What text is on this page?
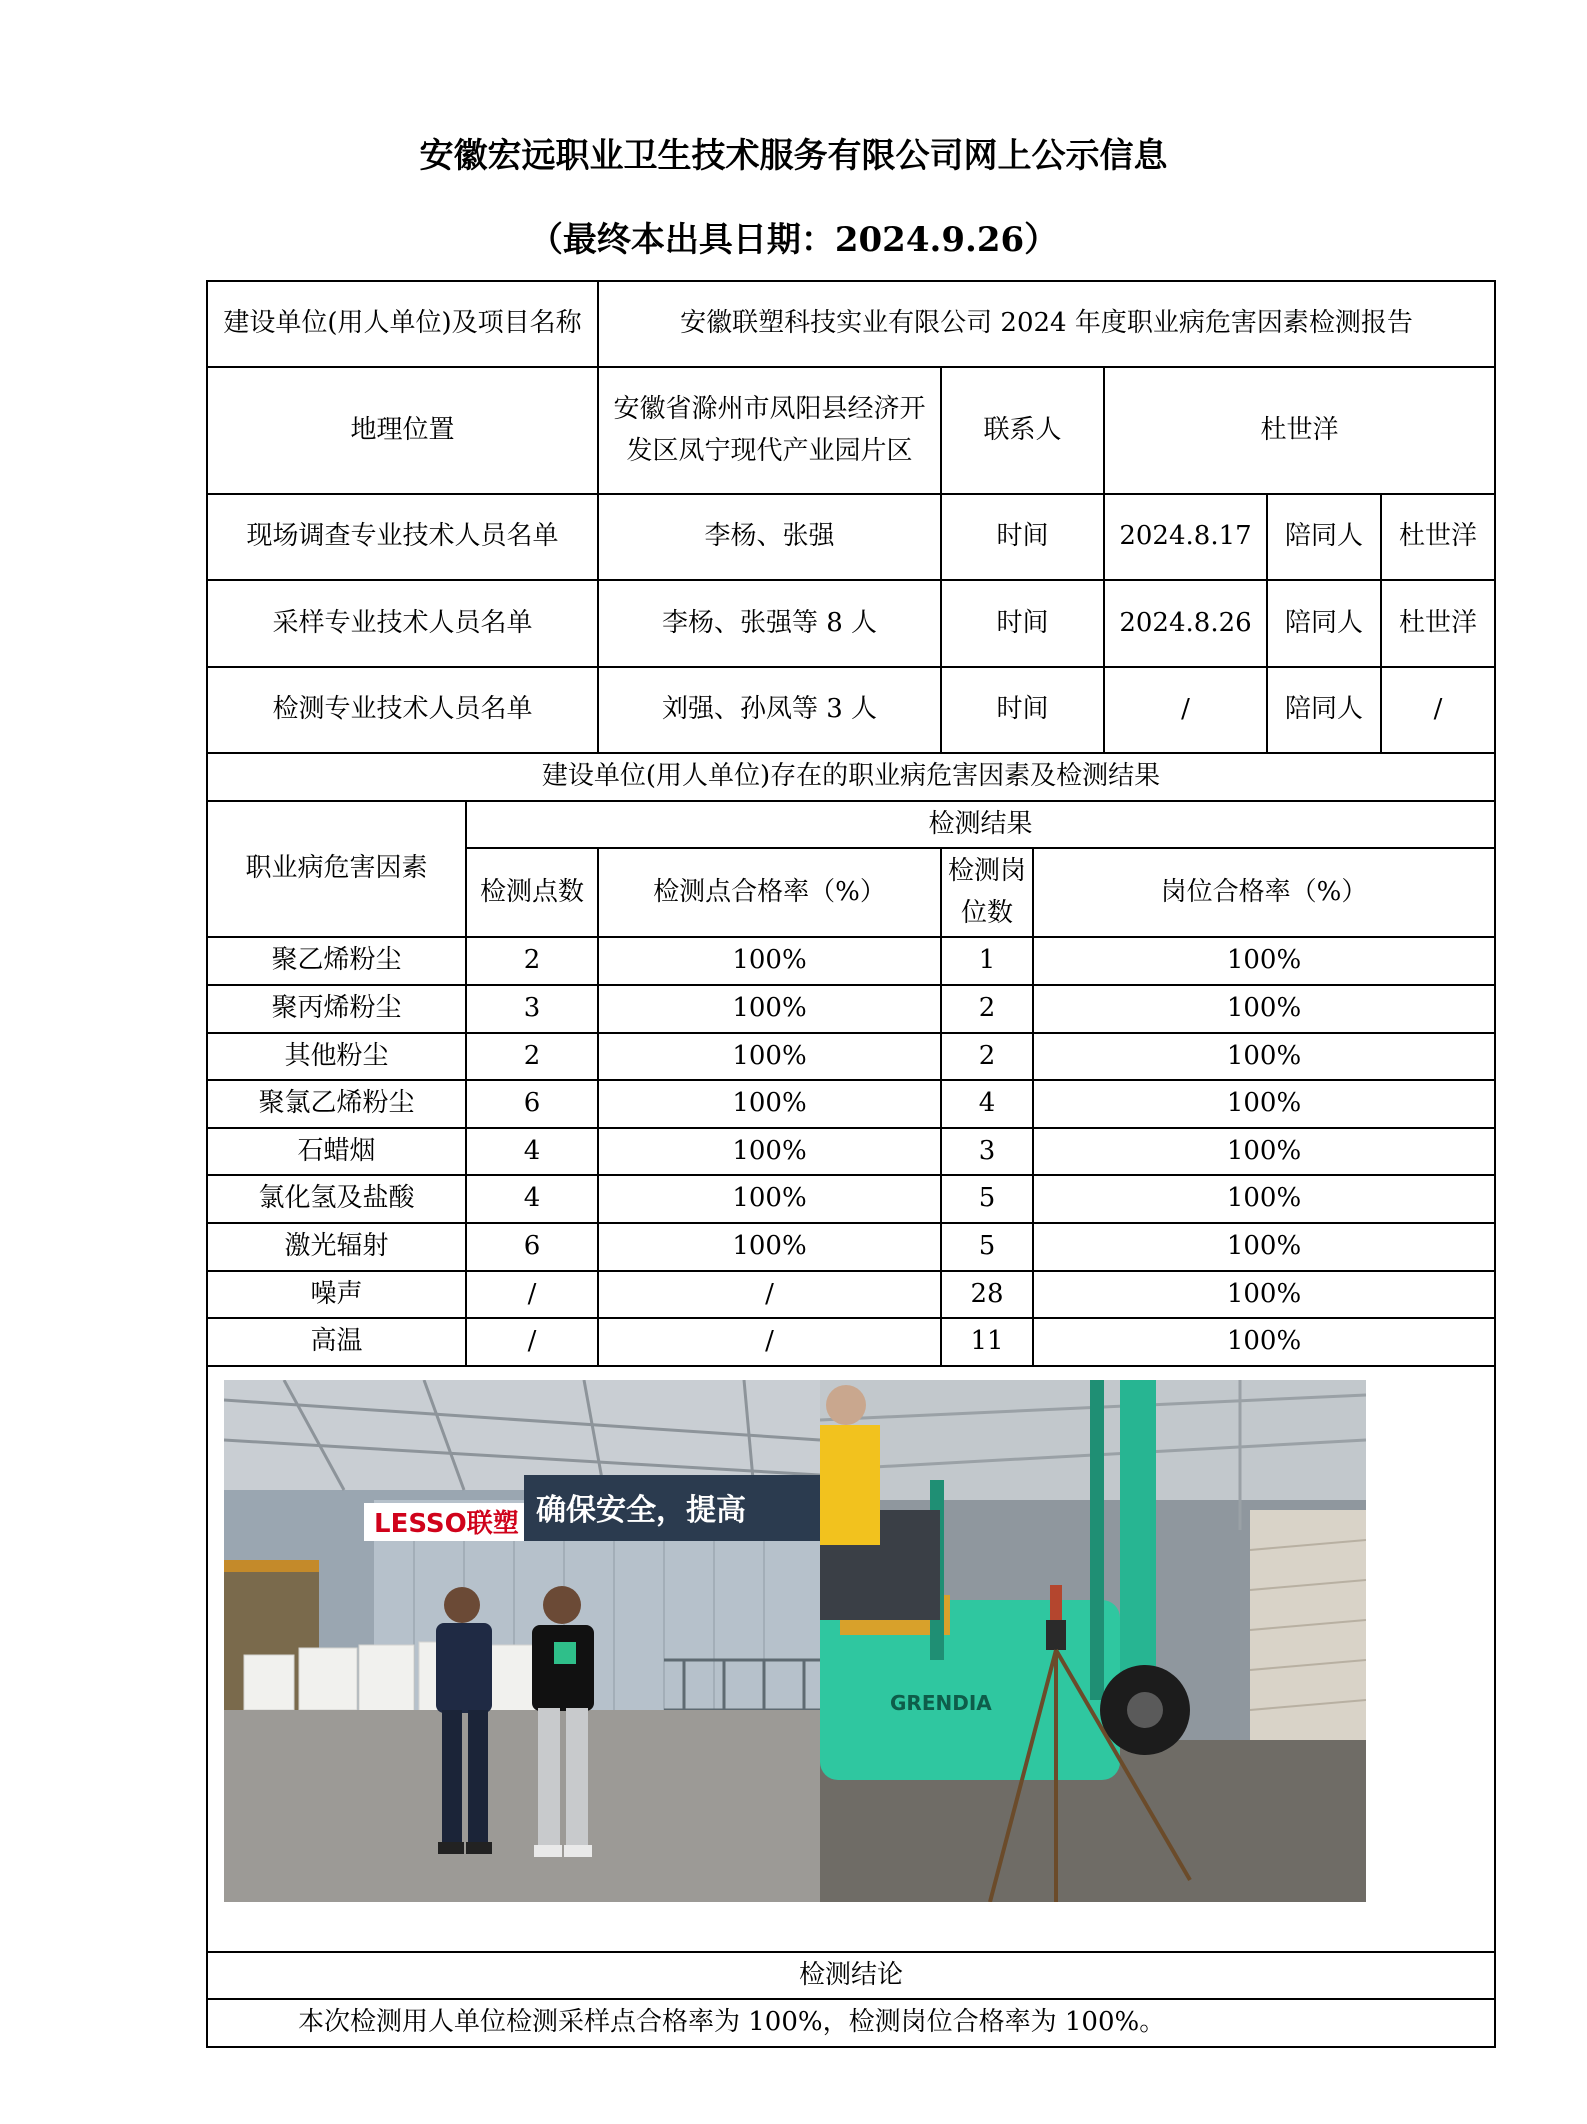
安徽宏远职业卫生技术服务有限公司网上公示信息
（最终本出具日期：2024.9.26）
建设单位(用人单位)及项目名称		安徽联塑科技实业有限公司 2024 年度职业病危害因素检测报告					
地理位置		安徽省滁州市凤阳县经济开发区凤宁现代产业园片区	联系人		杜世洋		
现场调查专业技术人员名单		李杨、张强	时间		2024.8.17	陪同人	杜世洋
采样专业技术人员名单		李杨、张强等 8 人	时间		2024.8.26	陪同人	杜世洋
检测专业技术人员名单		刘强、孙凤等 3 人	时间		/	陪同人	/
建设单位(用人单位)存在的职业病危害因素及检测结果							
职业病危害因素	检测结果						
	检测点数	检测点合格率（%）	检测岗位数	岗位合格率（%）			
聚乙烯粉尘	2	100%	1	100%			
聚丙烯粉尘	3	100%	2	100%			
其他粉尘	2	100%	2	100%			
聚氯乙烯粉尘	6	100%	4	100%			
石蜡烟	4	100%	3	100%			
氯化氢及盐酸	4	100%	5	100%			
激光辐射	6	100%	5	100%			
噪声	/	/	28	100%			
高温	/	/	11	100%			

LESSO联塑 确保安全，提高
GRENDIA							

检测结论							
本次检测用人单位检测采样点合格率为 100%，检测岗位合格率为 100%。							
